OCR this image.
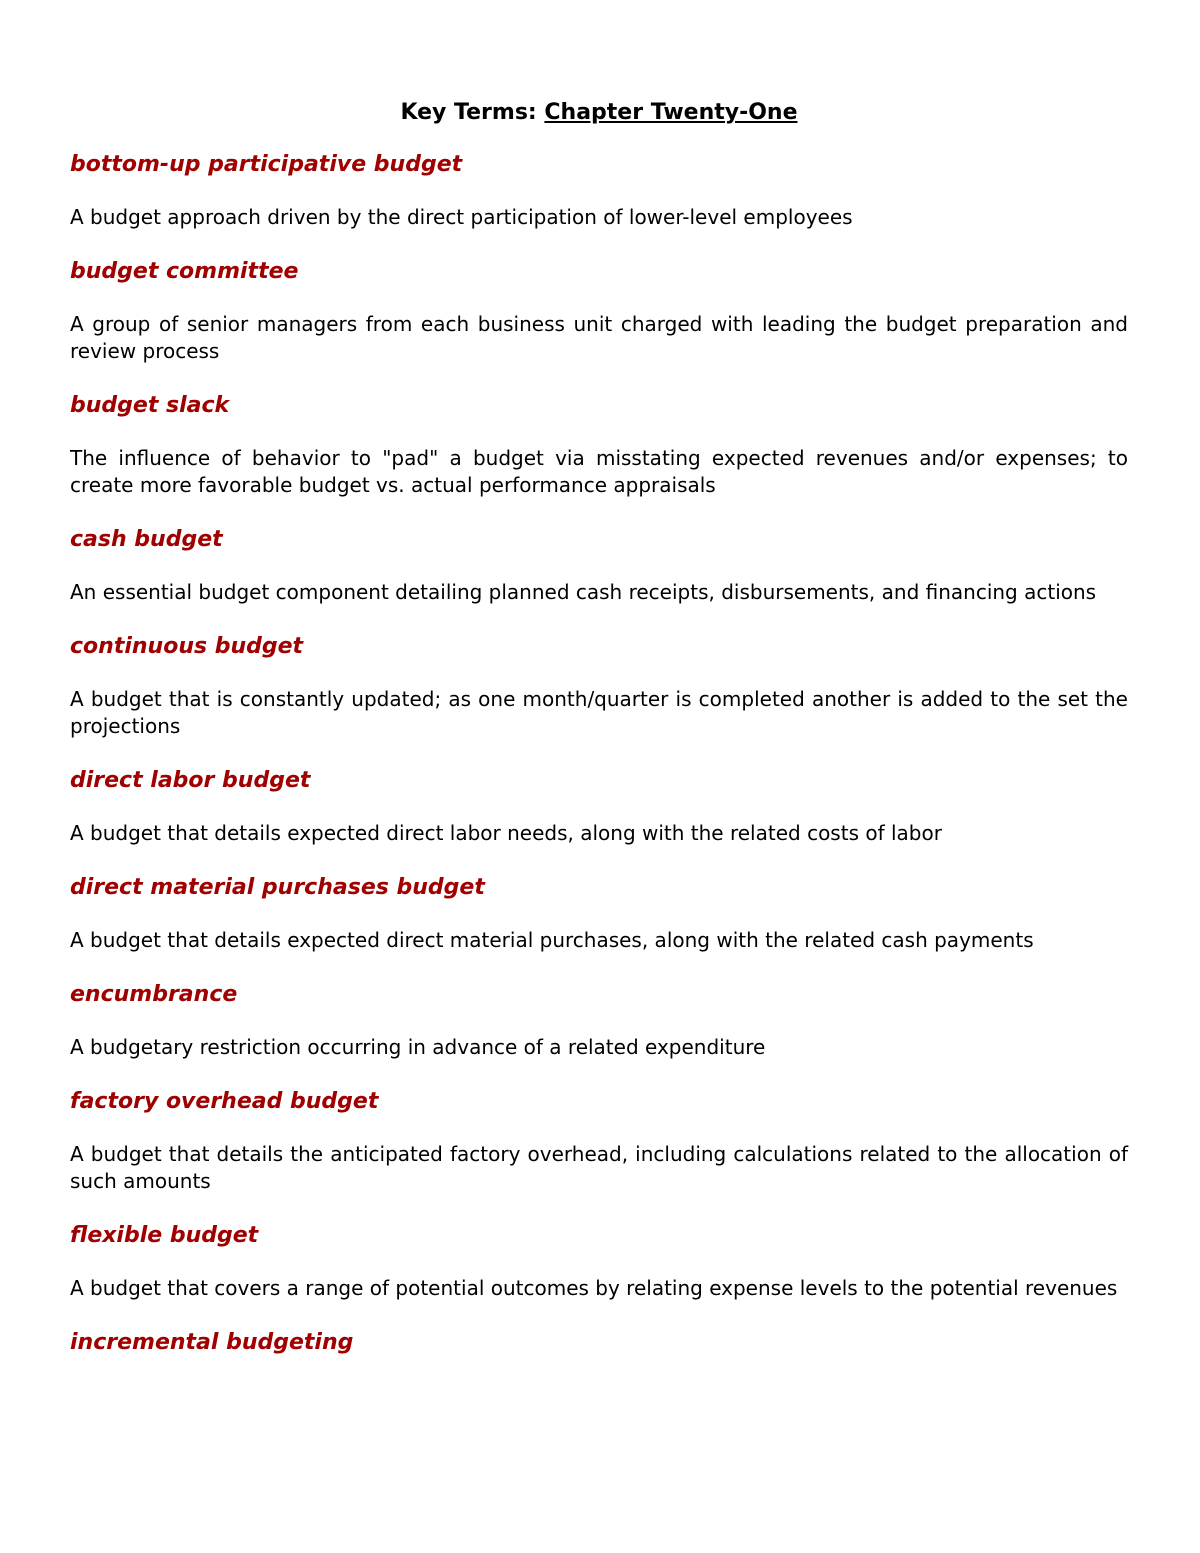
Key Terms: Chapter Twenty-One
bottom-up participative budget
A budget approach driven by the direct participation of lower-level employees
budget committee
A group of senior managers from each business unit charged with leading the budget preparation and review process
budget slack
The influence of behavior to "pad" a budget via misstating expected revenues and/or expenses; to create more favorable budget vs. actual performance appraisals
cash budget
An essential budget component detailing planned cash receipts, disbursements, and financing actions
continuous budget
A budget that is constantly updated; as one month/quarter is completed another is added to the set the projections
direct labor budget
A budget that details expected direct labor needs, along with the related costs of labor
direct material purchases budget
A budget that details expected direct material purchases, along with the related cash payments
encumbrance
A budgetary restriction occurring in advance of a related expenditure
factory overhead budget
A budget that details the anticipated factory overhead, including calculations related to the allocation of such amounts
flexible budget
A budget that covers a range of potential outcomes by relating expense levels to the potential revenues
incremental budgeting
